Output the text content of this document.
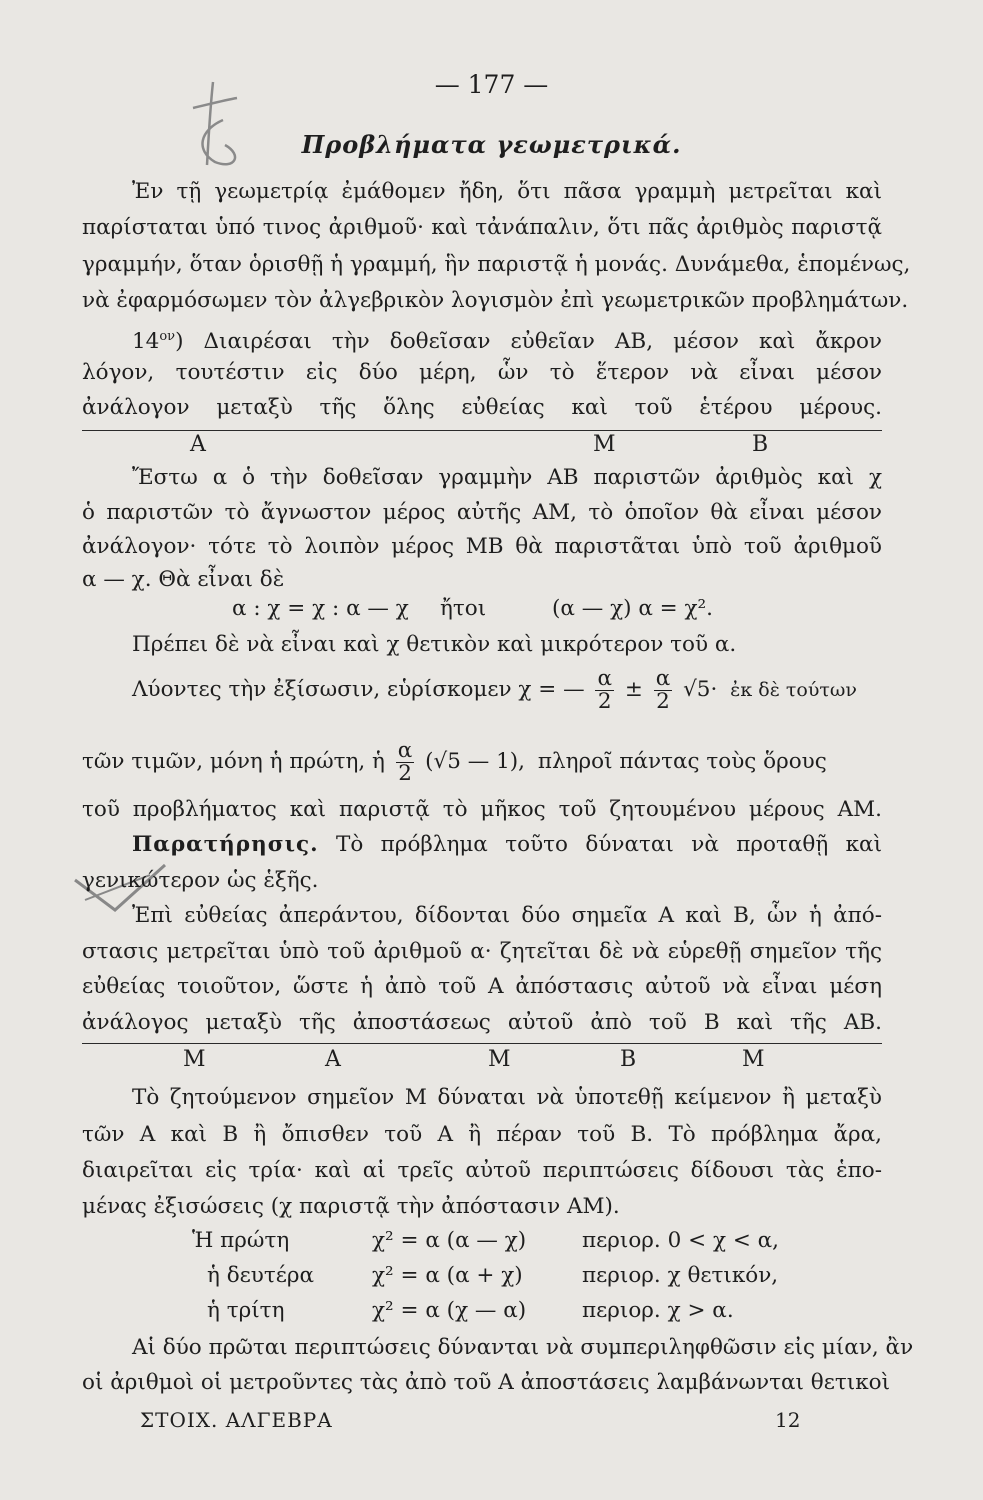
— 177 —
Προβλήματα γεωμετρικά.
Ἐν τῇ γεωμετρίᾳ ἐμάθομεν ἤδη, ὅτι πᾶσα γραμμὴ μετρεῖται καὶ
παρίσταται ὑπό τινος ἀριθμοῦ· καὶ τἀνάπαλιν, ὅτι πᾶς ἀριθμὸς παριστᾷ
γραμμήν, ὅταν ὁρισθῇ ἡ γραμμή, ἣν παριστᾷ ἡ μονάς. Δυνάμεθα, ἑπομένως,
νὰ ἐφαρμόσωμεν τὸν ἀλγεβρικὸν λογισμὸν ἐπὶ γεωμετρικῶν προβλημάτων.
$14^{o\nu}$) Διαιρέσαι τὴν δοθεῖσαν εὐθεῖαν ΑΒ, μέσον καὶ ἄκρον
λόγον, τουτέστιν εἰς δύο μέρη, ὧν τὸ ἕτερον νὰ εἶναι μέσον
ἀνάλογον μεταξὺ τῆς ὅλης εὐθείας καὶ τοῦ ἑτέρου μέρους.
Α	Μ	Β
Ἔστω α ὁ τὴν δοθεῖσαν γραμμὴν ΑΒ παριστῶν ἀριθμὸς καὶ χ
ὁ παριστῶν τὸ ἄγνωστον μέρος αὐτῆς ΑΜ, τὸ ὁποῖον θὰ εἶναι μέσον
ἀνάλογον· τότε τὸ λοιπὸν μέρος ΜΒ θὰ παριστᾶται ὑπὸ τοῦ ἀριθμοῦ
α — χ. Θὰ εἶναι δὲ
α : χ = χ : α — χ ἤτοι	(α — χ) α = χ².
Πρέπει δὲ νὰ εἶναι καὶ χ θετικὸν καὶ μικρότερον τοῦ α.
Λύοντες τὴν ἐξίσωσιν, εὑρίσκομεν χ = — $\frac{\alpha}{2} \pm \frac{\alpha}{2} √5\cdot$ ἐκ δὲ τούτων
τῶν τιμῶν, μόνη ἡ πρώτη, ἡ $\frac{\alpha}{2} (√5$ — 1), πληροῖ πάντας τοὺς ὅρους
τοῦ προβλήματος καὶ παριστᾷ τὸ μῆκος τοῦ ζητουμένου μέρους ΑΜ.
Παρατήρησις. Τὸ πρόβλημα τοῦτο δύναται νὰ προταθῇ καὶ
γενικώτερον ὡς ἑξῆς.
Ἐπὶ εὐθείας ἀπεράντου, δίδονται δύο σημεῖα Α καὶ Β, ὧν ἡ ἀπό-
στασις μετρεῖται ὑπὸ τοῦ ἀριθμοῦ α· ζητεῖται δὲ νὰ εὑρεθῇ σημεῖον τῆς
εὐθείας τοιοῦτον, ὥστε ἡ ἀπὸ τοῦ Α ἀπόστασις αὐτοῦ νὰ εἶναι μέση
ἀνάλογος μεταξὺ τῆς ἀποστάσεως αὐτοῦ ἀπὸ τοῦ Β καὶ τῆς ΑΒ.
Μ	Α	Μ	Β	Μ
Τὸ ζητούμενον σημεῖον Μ δύναται νὰ ὑποτεθῇ κείμενον ἢ μεταξὺ
τῶν Α καὶ Β ἢ ὄπισθεν τοῦ Α ἢ πέραν τοῦ Β. Τὸ πρόβλημα ἄρα,
διαιρεῖται εἰς τρία· καὶ αἱ τρεῖς αὐτοῦ περιπτώσεις δίδουσι τὰς ἑπο-
μένας ἐξισώσεις (χ παριστᾷ τὴν ἀπόστασιν ΑΜ).
Ἡ πρώτη	χ² = α (α — χ)	περιορ. 0 < χ < α,
ἡ δευτέρα	χ² = α (α + χ)	περιορ. χ θετικόν,
ἡ τρίτη	χ² = α (χ — α)	περιορ. χ > α.
Αἱ δύο πρῶται περιπτώσεις δύνανται νὰ συμπεριληφθῶσιν εἰς μίαν, ἂν
οἱ ἀριθμοὶ οἱ μετροῦντες τὰς ἀπὸ τοῦ Α ἀποστάσεις λαμβάνωνται θετικοὶ
ΣΤΟΙΧ. ΑΛΓΕΒΡΑ	12
